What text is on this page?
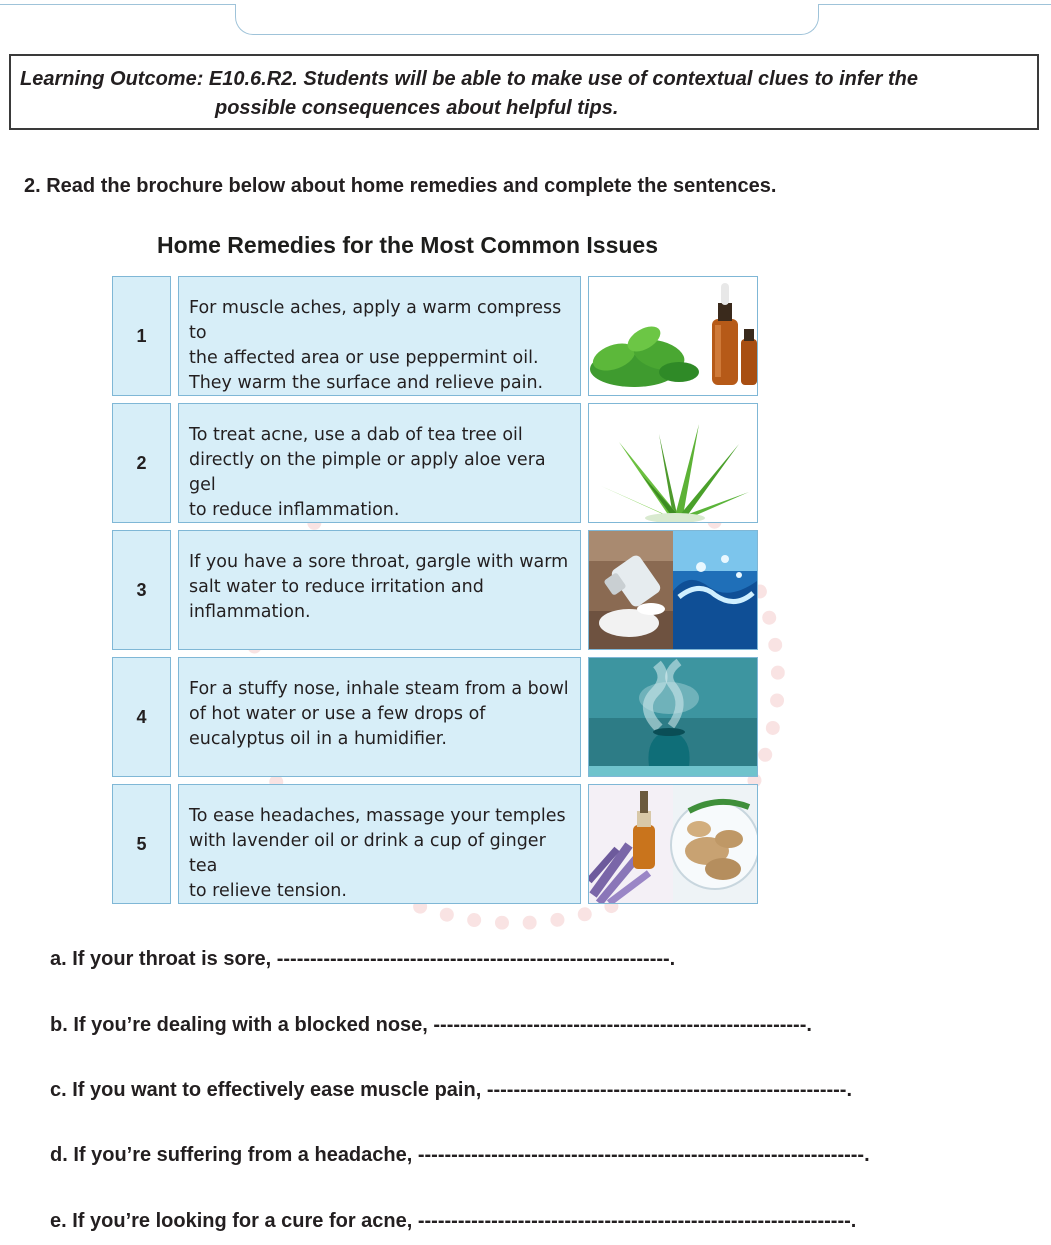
Learning Outcome: E10.6.R2. Students will be able to make use of contextual clues to infer the
possible consequences about helpful tips.
2. Read the brochure below about home remedies and complete the sentences.
Home Remedies for the Most Common Issues
1
For muscle aches, apply a warm compress to
the affected area or use peppermint oil.
They warm the surface and relieve pain.
2
To treat acne, use a dab of tea tree oil
directly on the pimple or apply aloe vera gel
to reduce inflammation.
3
If you have a sore throat, gargle with warm
salt water to reduce irritation and
inflammation.
4
For a stuffy nose, inhale steam from a bowl
of hot water or use a few drops of
eucalyptus oil in a humidifier.
5
To ease headaches, massage your temples
with lavender oil or drink a cup of ginger tea
to relieve tension.
a. If your throat is sore, -----------------------------------------------------------.
b. If you’re dealing with a blocked nose, --------------------------------------------------------.
c. If you want to effectively ease muscle pain, ------------------------------------------------------.
d. If you’re suffering from a headache, -------------------------------------------------------------------.
e. If you’re looking for a cure for acne, -----------------------------------------------------------------.
